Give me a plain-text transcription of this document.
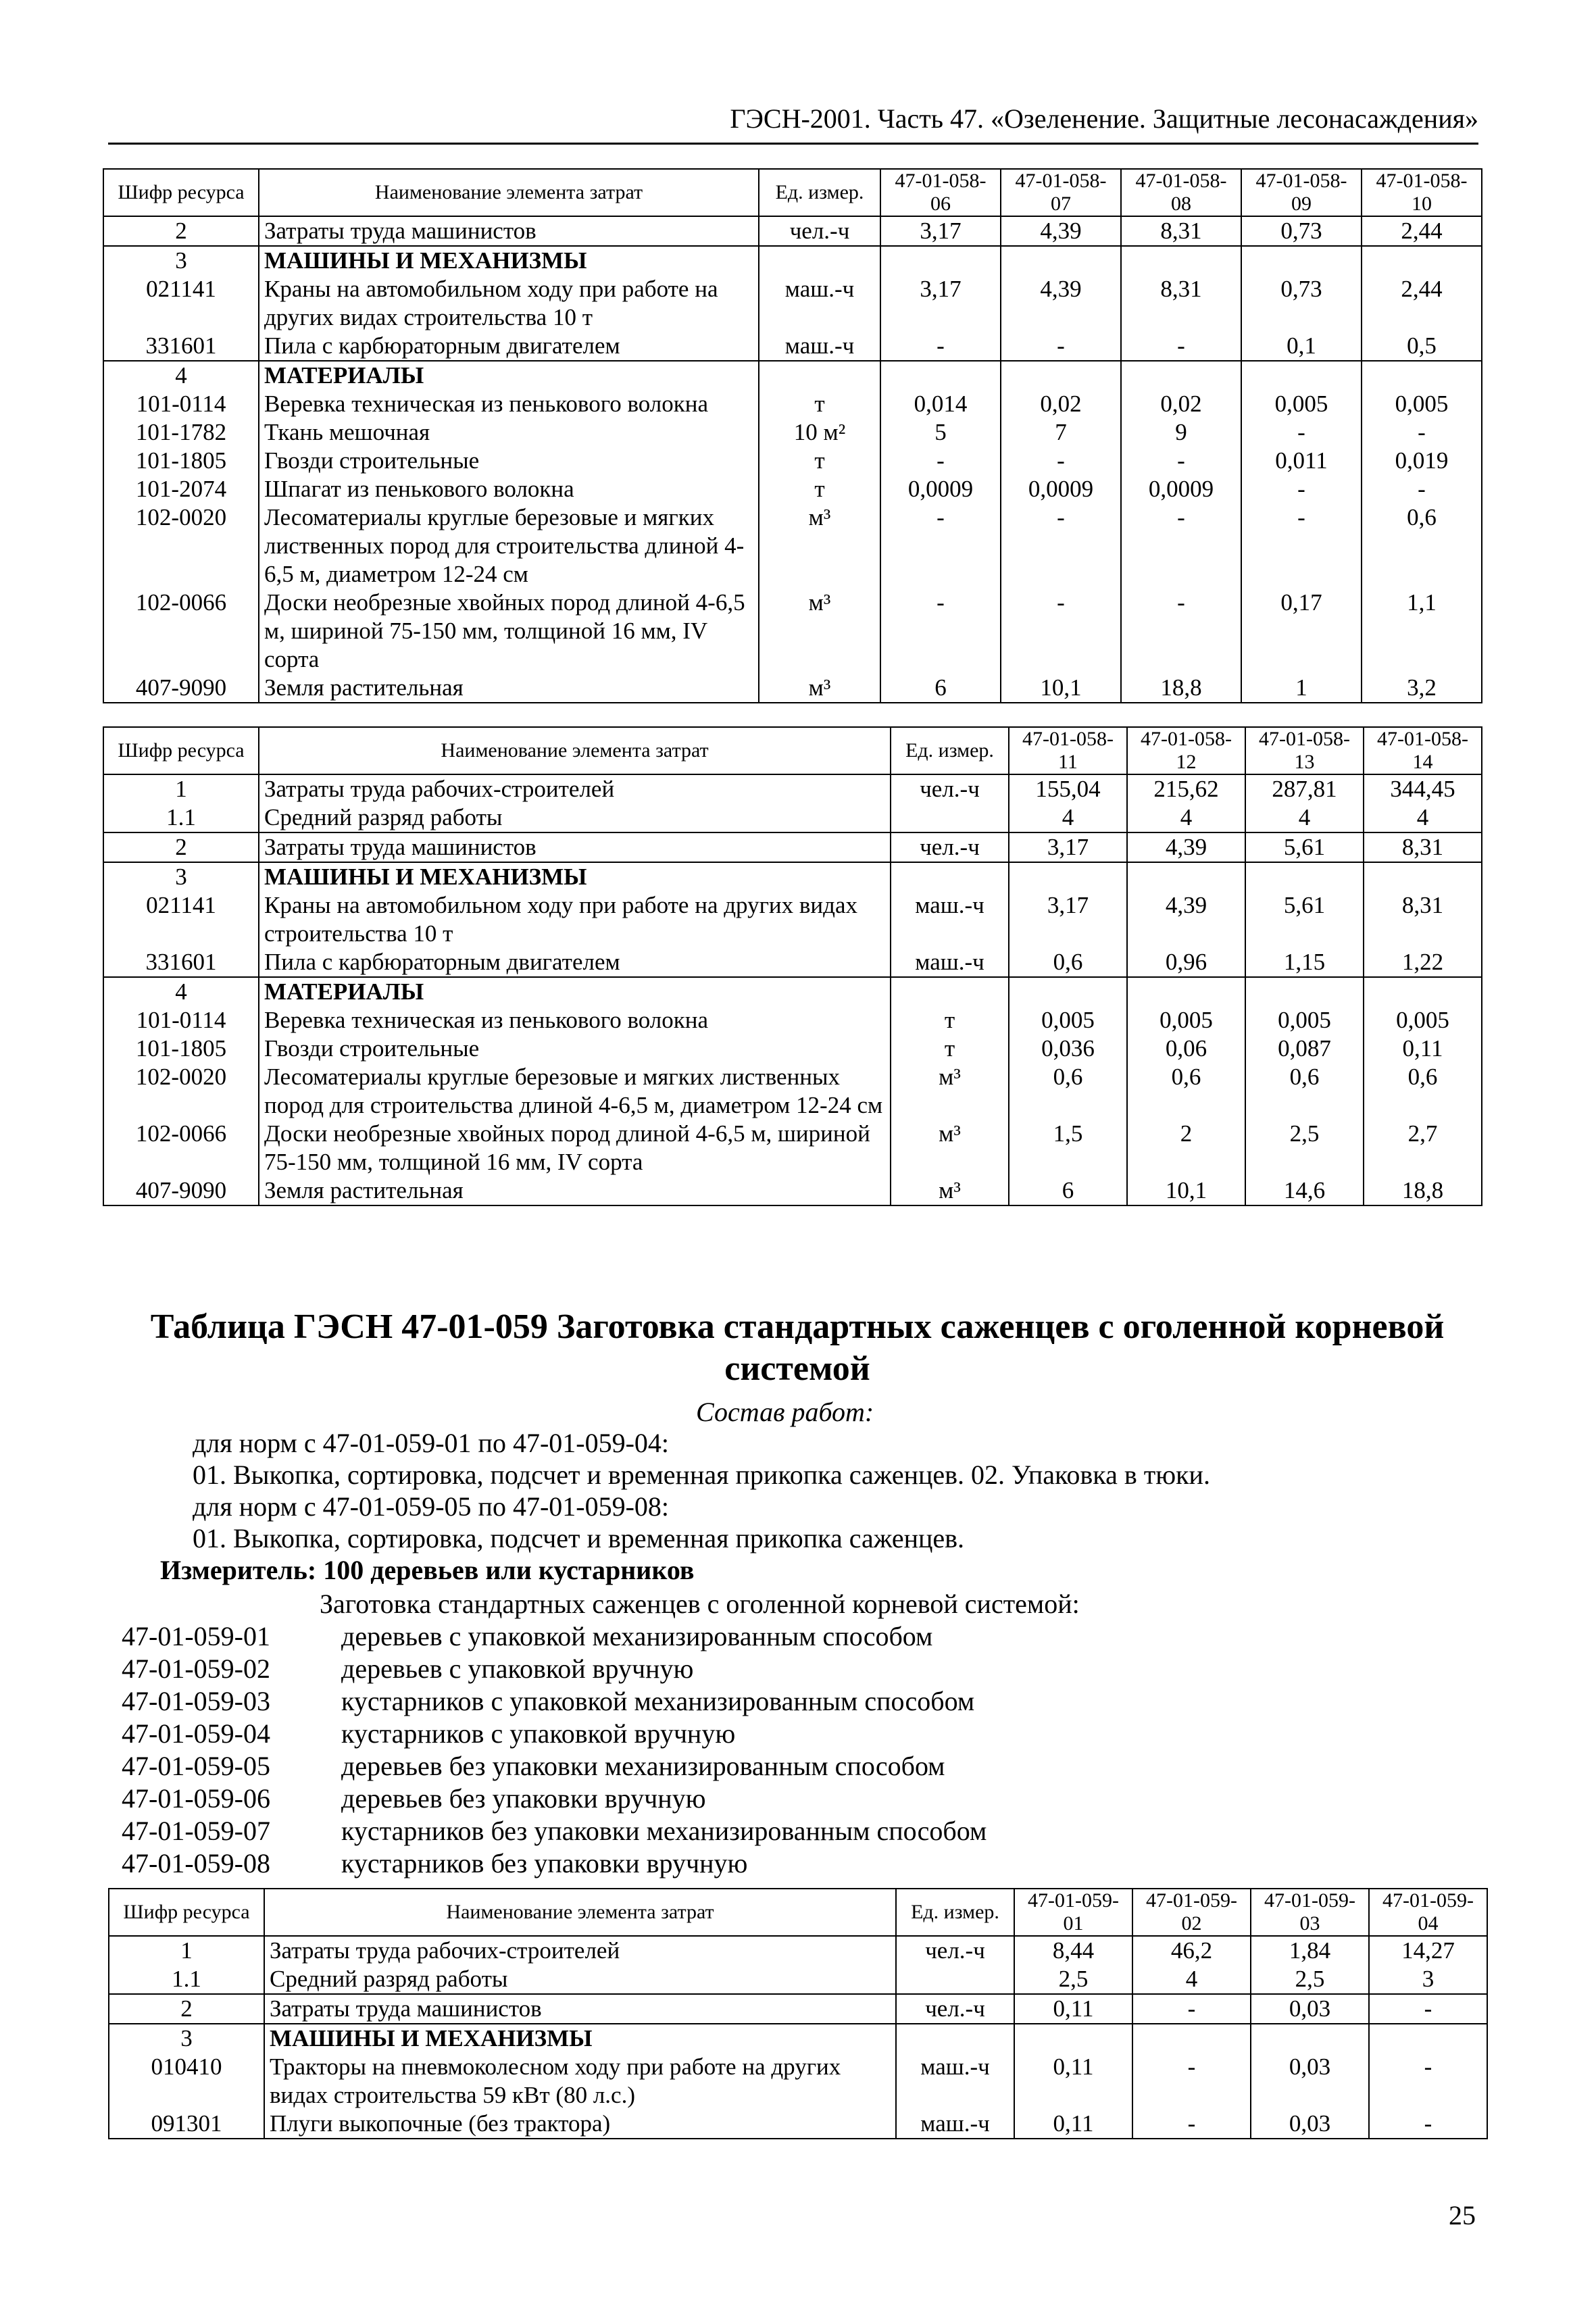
ГЭСН-2001. Часть 47. «Озеленение. Защитные лесонасаждения»
Шифр ресурса	Наименование элемента затрат	Ед. измер.	47-01-058-06	47-01-058-07	47-01-058-08	47-01-058-09	47-01-058-10
2	Затраты труда машинистов	чел.-ч	3,17	4,39	8,31	0,73	2,44
3	МАШИНЫ И МЕХАНИЗМЫ						
021141	Краны на автомобильном ходу при работе на других видах строительства 10 т	маш.-ч	3,17	4,39	8,31	0,73	2,44
331601	Пила с карбюраторным двигателем	маш.-ч	-	-	-	0,1	0,5
4	МАТЕРИАЛЫ						
101-0114	Веревка техническая из пенькового волокна	т	0,014	0,02	0,02	0,005	0,005
101-1782	Ткань мешочная	10 м²	5	7	9	-	-
101-1805	Гвозди строительные	т	-	-	-	0,011	0,019
101-2074	Шпагат из пенькового волокна	т	0,0009	0,0009	0,0009	-	-
102-0020	Лесоматериалы круглые березовые и мягких лиственных пород для строительства длиной 4-6,5 м, диаметром 12-24 см	м³	-	-	-	-	0,6
102-0066	Доски необрезные хвойных пород длиной 4-6,5 м, шириной 75-150 мм, толщиной 16 мм, IV сорта	м³	-	-	-	0,17	1,1
407-9090	Земля растительная	м³	6	10,1	18,8	1	3,2
Шифр ресурса	Наименование элемента затрат	Ед. измер.	47-01-058-11	47-01-058-12	47-01-058-13	47-01-058-14
1	Затраты труда рабочих-строителей	чел.-ч	155,04	215,62	287,81	344,45
1.1	Средний разряд работы		4	4	4	4
2	Затраты труда машинистов	чел.-ч	3,17	4,39	5,61	8,31
3	МАШИНЫ И МЕХАНИЗМЫ					
021141	Краны на автомобильном ходу при работе на других видах строительства 10 т	маш.-ч	3,17	4,39	5,61	8,31
331601	Пила с карбюраторным двигателем	маш.-ч	0,6	0,96	1,15	1,22
4	МАТЕРИАЛЫ					
101-0114	Веревка техническая из пенькового волокна	т	0,005	0,005	0,005	0,005
101-1805	Гвозди строительные	т	0,036	0,06	0,087	0,11
102-0020	Лесоматериалы круглые березовые и мягких лиственных пород для строительства длиной 4-6,5 м, диаметром 12-24 см	м³	0,6	0,6	0,6	0,6
102-0066	Доски необрезные хвойных пород длиной 4-6,5 м, шириной 75-150 мм, толщиной 16 мм, IV сорта	м³	1,5	2	2,5	2,7
407-9090	Земля растительная	м³	6	10,1	14,6	18,8
Таблица ГЭСН 47-01-059 Заготовка стандартных саженцев с оголенной корневой системой
Состав работ:
для норм с 47-01-059-01 по 47-01-059-04:
01. Выкопка, сортировка, подсчет и временная прикопка саженцев. 02. Упаковка в тюки.
для норм с 47-01-059-05 по 47-01-059-08:
01. Выкопка, сортировка, подсчет и временная прикопка саженцев.
Измеритель: 100 деревьев или кустарников
Заготовка стандартных саженцев с оголенной корневой системой:
47-01-059-01	деревьев с упаковкой механизированным способом
47-01-059-02	деревьев с упаковкой вручную
47-01-059-03	кустарников с упаковкой механизированным способом
47-01-059-04	кустарников с упаковкой вручную
47-01-059-05	деревьев без упаковки механизированным способом
47-01-059-06	деревьев без упаковки вручную
47-01-059-07	кустарников без упаковки механизированным способом
47-01-059-08	кустарников без упаковки вручную
Шифр ресурса	Наименование элемента затрат	Ед. измер.	47-01-059-01	47-01-059-02	47-01-059-03	47-01-059-04
1	Затраты труда рабочих-строителей	чел.-ч	8,44	46,2	1,84	14,27
1.1	Средний разряд работы		2,5	4	2,5	3
2	Затраты труда машинистов	чел.-ч	0,11	-	0,03	-
3	МАШИНЫ И МЕХАНИЗМЫ					
010410	Тракторы на пневмоколесном ходу при работе на других видах строительства 59 кВт (80 л.с.)	маш.-ч	0,11	-	0,03	-
091301	Плуги выкопочные (без трактора)	маш.-ч	0,11	-	0,03	-
25
